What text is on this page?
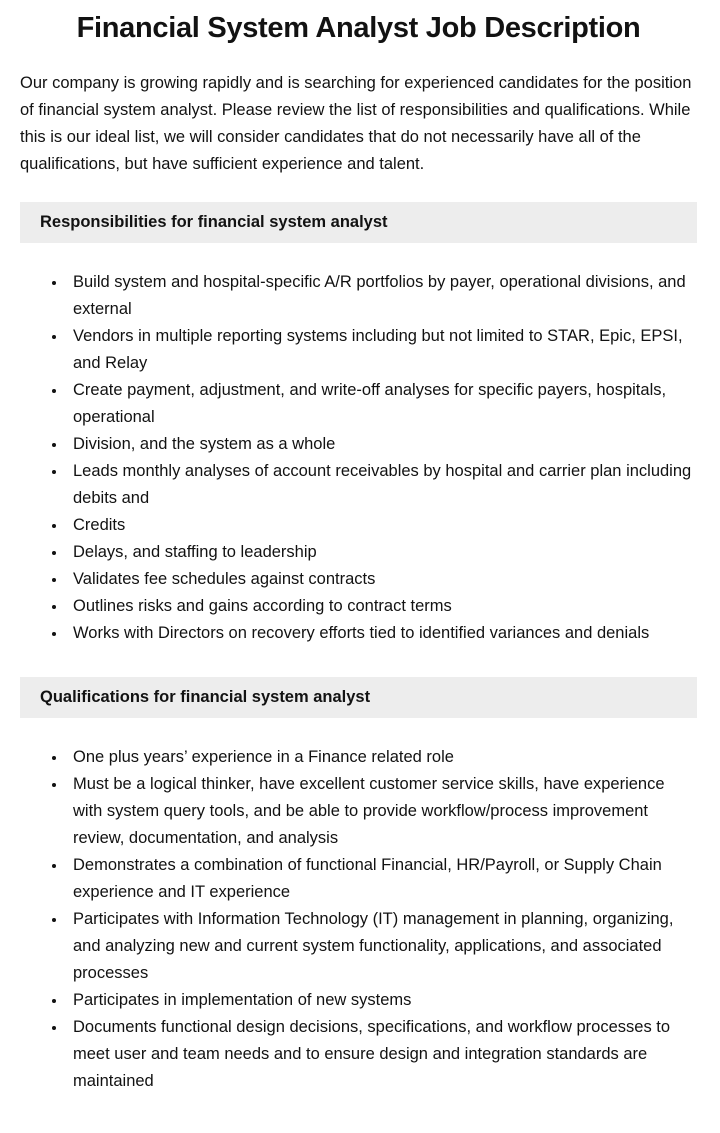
Financial System Analyst Job Description

Our company is growing rapidly and is searching for experienced candidates for the position of financial system analyst. Please review the list of responsibilities and qualifications. While this is our ideal list, we will consider candidates that do not necessarily have all of the qualifications, but have sufficient experience and talent.

Responsibilities for financial system analyst
• Build system and hospital-specific A/R portfolios by payer, operational divisions, and external
• Vendors in multiple reporting systems including but not limited to STAR, Epic, EPSI, and Relay
• Create payment, adjustment, and write-off analyses for specific payers, hospitals, operational
• Division, and the system as a whole
• Leads monthly analyses of account receivables by hospital and carrier plan including debits and
• Credits
• Delays, and staffing to leadership
• Validates fee schedules against contracts
• Outlines risks and gains according to contract terms
• Works with Directors on recovery efforts tied to identified variances and denials
Qualifications for financial system analyst
• One plus years’ experience in a Finance related role
• Must be a logical thinker, have excellent customer service skills, have experience with system query tools, and be able to provide workflow/process improvement review, documentation, and analysis
• Demonstrates a combination of functional Financial, HR/Payroll, or Supply Chain experience and IT experience
• Participates with Information Technology (IT) management in planning, organizing, and analyzing new and current system functionality, applications, and associated processes
• Participates in implementation of new systems
• Documents functional design decisions, specifications, and workflow processes to meet user and team needs and to ensure design and integration standards are maintained
